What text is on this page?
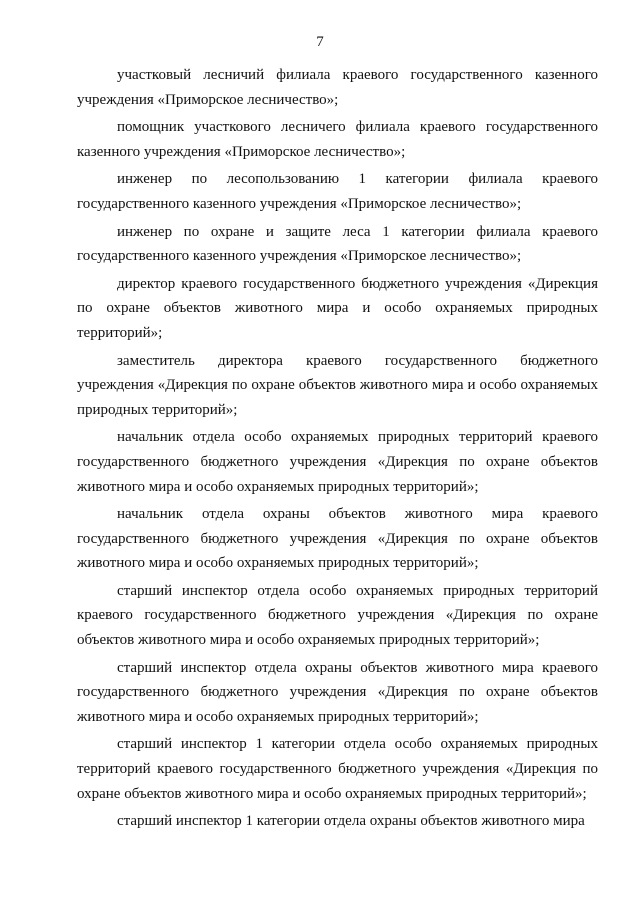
7

участковый лесничий филиала краевого государственного казенного учреждения «Приморское лесничество»;

помощник участкового лесничего филиала краевого государственного казенного учреждения «Приморское лесничество»;

инженер по лесопользованию 1 категории филиала краевого государственного казенного учреждения «Приморское лесничество»;

инженер по охране и защите леса 1 категории филиала краевого государственного казенного учреждения «Приморское лесничество»;

директор краевого государственного бюджетного учреждения «Дирекция по охране объектов животного мира и особо охраняемых природных территорий»;

заместитель директора краевого государственного бюджетного учреждения «Дирекция по охране объектов животного мира и особо охраняемых природных территорий»;

начальник отдела особо охраняемых природных территорий краевого государственного бюджетного учреждения «Дирекция по охране объектов животного мира и особо охраняемых природных территорий»;

начальник отдела охраны объектов животного мира краевого государственного бюджетного учреждения «Дирекция по охране объектов животного мира и особо охраняемых природных территорий»;

старший инспектор отдела особо охраняемых природных территорий краевого государственного бюджетного учреждения «Дирекция по охране объектов животного мира и особо охраняемых природных территорий»;

старший инспектор отдела охраны объектов животного мира краевого государственного бюджетного учреждения «Дирекция по охране объектов животного мира и особо охраняемых природных территорий»;

старший инспектор 1 категории отдела особо охраняемых природных территорий краевого государственного бюджетного учреждения «Дирекция по охране объектов животного мира и особо охраняемых природных территорий»;

старший инспектор 1 категории отдела охраны объектов животного мира
